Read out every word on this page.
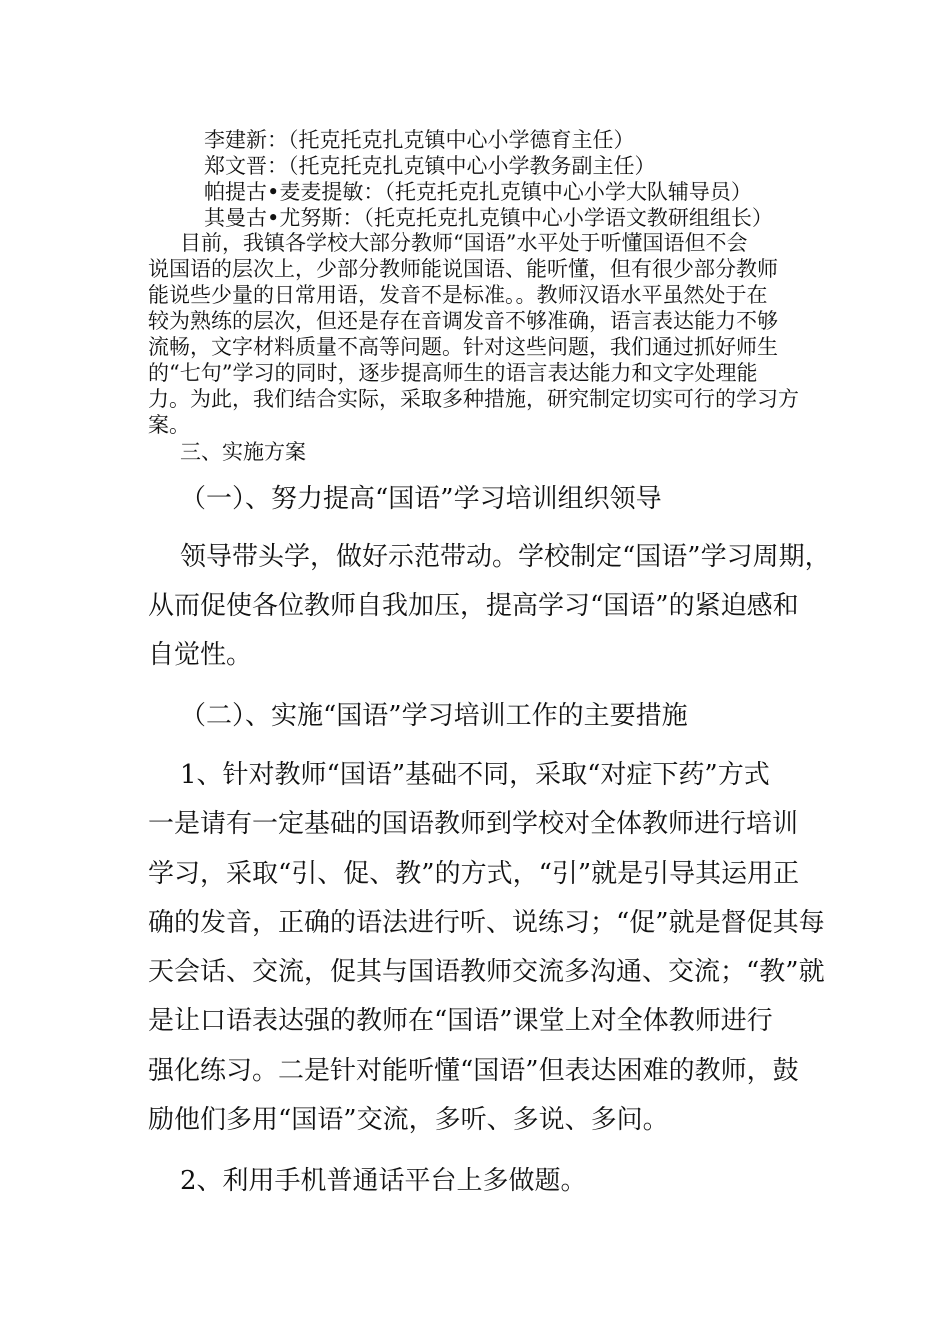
李建新：（托克托克扎克镇中心小学德育主任）
郑文晋：（托克托克扎克镇中心小学教务副主任）
帕提古•麦麦提敏：（托克托克扎克镇中心小学大队辅导员）
其曼古•尤努斯：（托克托克扎克镇中心小学语文教研组组长）
目前，我镇各学校大部分教师“国语”水平处于听懂国语但不会
说国语的层次上，少部分教师能说国语、能听懂，但有很少部分教师
能说些少量的日常用语，发音不是标准。。教师汉语水平虽然处于在
较为熟练的层次，但还是存在音调发音不够准确，语言表达能力不够
流畅，文字材料质量不高等问题。针对这些问题，我们通过抓好师生
的“七句”学习的同时，逐步提高师生的语言表达能力和文字处理能
力。为此，我们结合实际，采取多种措施，研究制定切实可行的学习方
案。
三、实施方案
（一）、努力提高“国语”学习培训组织领导
领导带头学，做好示范带动。学校制定“国语”学习周期，
从而促使各位教师自我加压，提高学习“国语”的紧迫感和
自觉性。
（二）、实施“国语”学习培训工作的主要措施
1、针对教师“国语”基础不同，采取“对症下药”方式
一是请有一定基础的国语教师到学校对全体教师进行培训
学习，采取“引、促、教”的方式，“引”就是引导其运用正
确的发音，正确的语法进行听、说练习；“促”就是督促其每
天会话、交流，促其与国语教师交流多沟通、交流；“教”就
是让口语表达强的教师在“国语”课堂上对全体教师进行
强化练习。二是针对能听懂“国语”但表达困难的教师，鼓
励他们多用“国语”交流，多听、多说、多问。
2、利用手机普通话平台上多做题。
